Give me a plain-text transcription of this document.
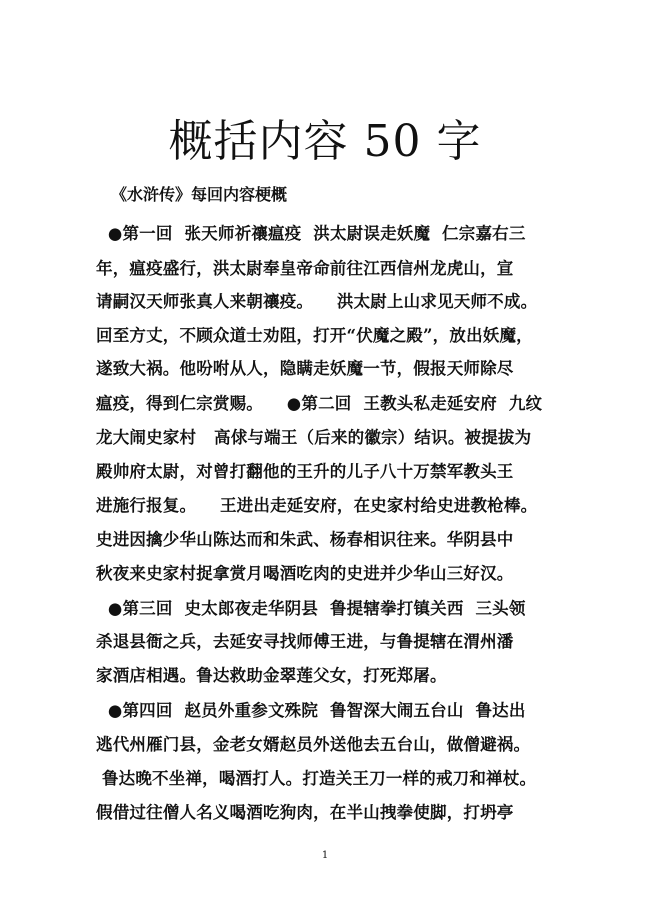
概括内容 50 字
《水浒传》每回内容梗概
●第一回  张天师祈禳瘟疫  洪太尉误走妖魔  仁宗嘉右三
年，瘟疫盛行，洪太尉奉皇帝命前往江西信州龙虎山，宣
请嗣汉天师张真人来朝禳疫。    洪太尉上山求见天师不成。
回至方丈，不顾众道士劝阻，打开“伏魔之殿”，放出妖魔，
遂致大祸。他吩咐从人，隐瞒走妖魔一节，假报天师除尽
瘟疫，得到仁宗赏赐。    ●第二回  王教头私走延安府  九纹
龙大闹史家村   高俅与端王（后来的徽宗）结识。被提拔为
殿帅府太尉，对曾打翻他的王升的儿子八十万禁军教头王
进施行报复。    王进出走延安府，在史家村给史进教枪棒。
史进因擒少华山陈达而和朱武、杨春相识往来。华阴县中
秋夜来史家村捉拿赏月喝酒吃肉的史进并少华山三好汉。
●第三回  史太郎夜走华阴县  鲁提辖拳打镇关西  三头领
杀退县衙之兵，去延安寻找师傅王进，与鲁提辖在渭州潘
家酒店相遇。鲁达救助金翠莲父女，打死郑屠。
●第四回  赵员外重参文殊院  鲁智深大闹五台山  鲁达出
逃代州雁门县，金老女婿赵员外送他去五台山，做僧避祸。
鲁达晚不坐禅，喝酒打人。打造关王刀一样的戒刀和禅杖。
假借过往僧人名义喝酒吃狗肉，在半山拽拳使脚，打坍亭
1
